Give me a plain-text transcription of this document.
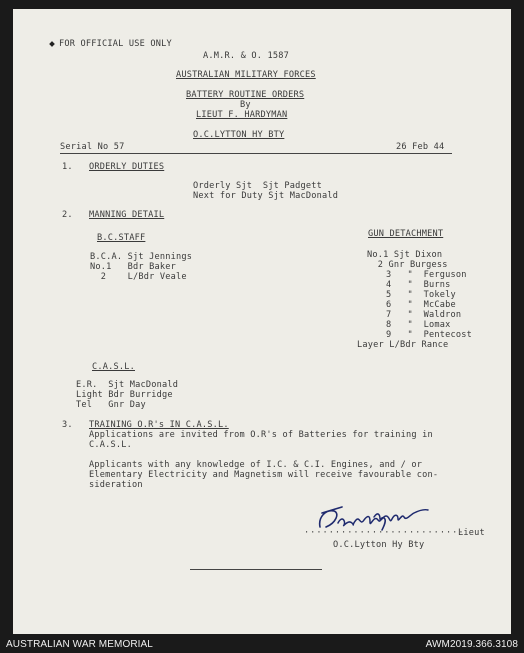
FOR OFFICIAL USE ONLY
A.M.R. & O. 1587
AUSTRALIAN MILITARY FORCES
BATTERY ROUTINE ORDERS
By
LIEUT F. HARDYMAN
O.C.LYTTON HY BTY
Serial No 57	26 Feb 44
1. ORDERLY DUTIES
Orderly Sjt  Sjt Padgett
Next for Duty Sjt MacDonald
2. MANNING DETAIL
B.C.STAFF
B.C.A. Sjt Jennings
No.1   Bdr Baker
2    L/Bdr Veale
GUN DETACHMENT
No.1 Sjt Dixon
2 Gnr Burgess
3   "  Ferguson
4   "  Burns
5   "  Tokely
6   "  McCabe
7   "  Waldron
8   "  Lomax
9   "  Pentecost
Layer L/Bdr Rance
C.A.S.L.
E.R.  Sjt MacDonald
Light Bdr Burridge
Tel   Gnr Day
3. TRAINING O.R's IN C.A.S.L.
Applications are invited from O.R's of Batteries for training in
C.A.S.L.
Applicants with any knowledge of I.C. & C.I. Engines, and / or
Elementary Electricity and Magnetism will receive favourable con-
sideration
··························
Lieut
O.C.Lytton Hy Bty
AUSTRALIAN WAR MEMORIAL	AWM2019.366.3108
